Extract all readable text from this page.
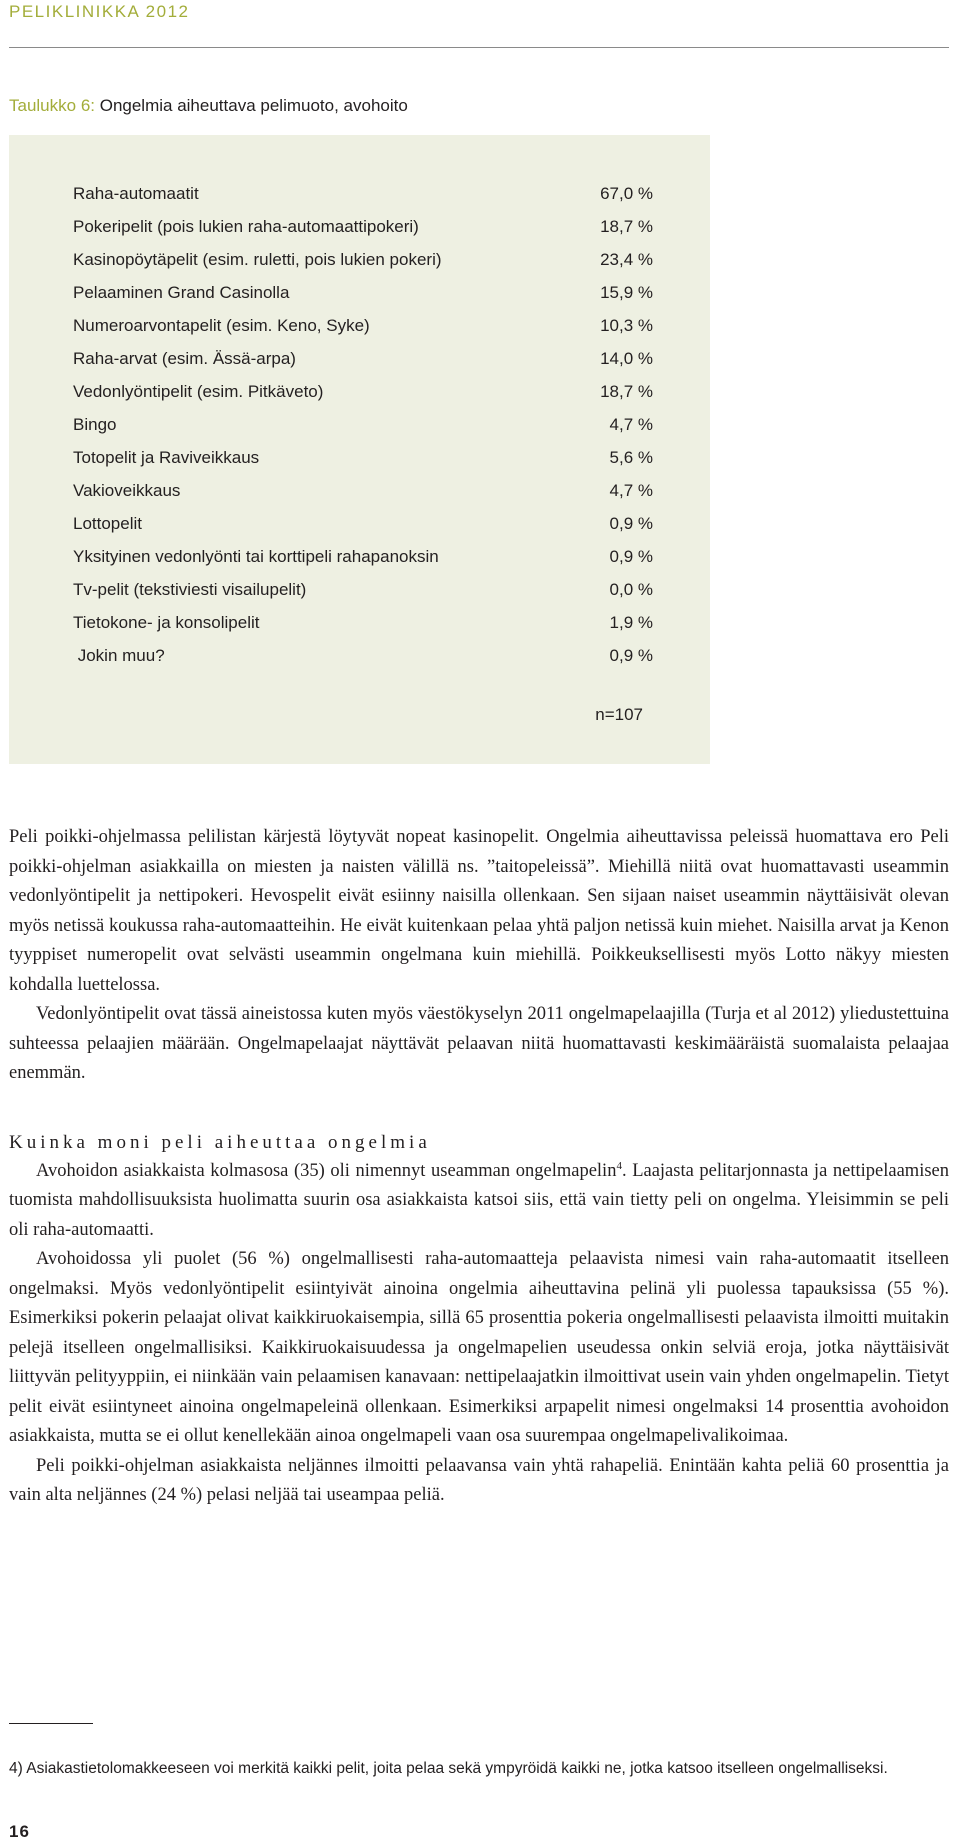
PELIKLINIKKA 2012
Taulukko 6: Ongelmia aiheuttava pelimuoto, avohoito
Raha-automaatit	67,0 %
Pokeripelit (pois lukien raha-automaattipokeri)	18,7 %
Kasinopöytäpelit (esim. ruletti, pois lukien pokeri)	23,4 %
Pelaaminen Grand Casinolla	15,9 %
Numeroarvontapelit (esim. Keno, Syke)	10,3 %
Raha-arvat (esim. Ässä-arpa)	14,0 %
Vedonlyöntipelit (esim. Pitkäveto)	18,7 %
Bingo	4,7 %
Totopelit ja Raviveikkaus	5,6 %
Vakioveikkaus	4,7 %
Lottopelit	0,9 %
Yksityinen vedonlyönti tai korttipeli rahapanoksin	0,9 %
Tv-pelit (tekstiviesti visailupelit)	0,0 %
Tietokone- ja konsolipelit	1,9 %
Jokin muu?	0,9 %
n=107

Peli poikki-ohjelmassa pelilistan kärjestä löytyvät nopeat kasinopelit. Ongelmia aiheuttavissa peleissä huomattava ero Peli poikki-ohjelman asiakkailla on miesten ja naisten välillä ns. ”taitopeleissä”. Miehillä niitä ovat huomattavasti useammin vedonlyöntipelit ja nettipokeri. Hevospelit eivät esiinny naisilla ollenkaan. Sen sijaan naiset useammin näyttäisivät olevan myös netissä koukussa raha-automaatteihin. He eivät kuitenkaan pelaa yhtä paljon netissä kuin miehet. Naisilla arvat ja Kenon tyyppiset numeropelit ovat selvästi useammin ongelmana kuin miehillä. Poikkeuksellisesti myös Lotto näkyy miesten kohdalla luettelossa.

Vedonlyöntipelit ovat tässä aineistossa kuten myös väestökyselyn 2011 ongelmapelaajilla (Turja et al 2012) yliedustettuina suhteessa pelaajien määrään. Ongelmapelaajat näyttävät pelaavan niitä huomattavasti keskimääräistä suomalaista pelaajaa enemmän.

Kuinka moni peli aiheuttaa ongelmia

Avohoidon asiakkaista kolmasosa (35) oli nimennyt useamman ongelmapelin$^4$. Laajasta pelitarjonnasta ja nettipelaamisen tuomista mahdollisuuksista huolimatta suurin osa asiakkaista katsoi siis, että vain tietty peli on ongelma. Yleisimmin se peli oli raha-automaatti.

Avohoidossa yli puolet (56 %) ongelmallisesti raha-automaatteja pelaavista nimesi vain raha-automaatit itselleen ongelmaksi. Myös vedonlyöntipelit esiintyivät ainoina ongelmia aiheuttavina pelinä yli puolessa tapauksissa (55 %). Esimerkiksi pokerin pelaajat olivat kaikkiruokaisempia, sillä 65 prosenttia pokeria ongelmallisesti pelaavista ilmoitti muitakin pelejä itselleen ongelmallisiksi. Kaikkiruokaisuudessa ja ongelmapelien useudessa onkin selviä eroja, jotka näyttäisivät liittyvän pelityyppiin, ei niinkään vain pelaamisen kanavaan: nettipelaajatkin ilmoittivat usein vain yhden ongelmapelin. Tietyt pelit eivät esiintyneet ainoina ongelmapeleinä ollenkaan. Esimerkiksi arpapelit nimesi ongelmaksi 14 prosenttia avohoidon asiakkaista, mutta se ei ollut kenellekään ainoa ongelmapeli vaan osa suurempaa ongelmapelivalikoimaa.

Peli poikki-ohjelman asiakkaista neljännes ilmoitti pelaavansa vain yhtä rahapeliä. Enintään kahta peliä 60 prosenttia ja vain alta neljännes (24 %) pelasi neljää tai useampaa peliä.

4) Asiakastietolomakkeeseen voi merkitä kaikki pelit, joita pelaa sekä ympyröidä kaikki ne, jotka katsoo itselleen ongelmalliseksi.
16
